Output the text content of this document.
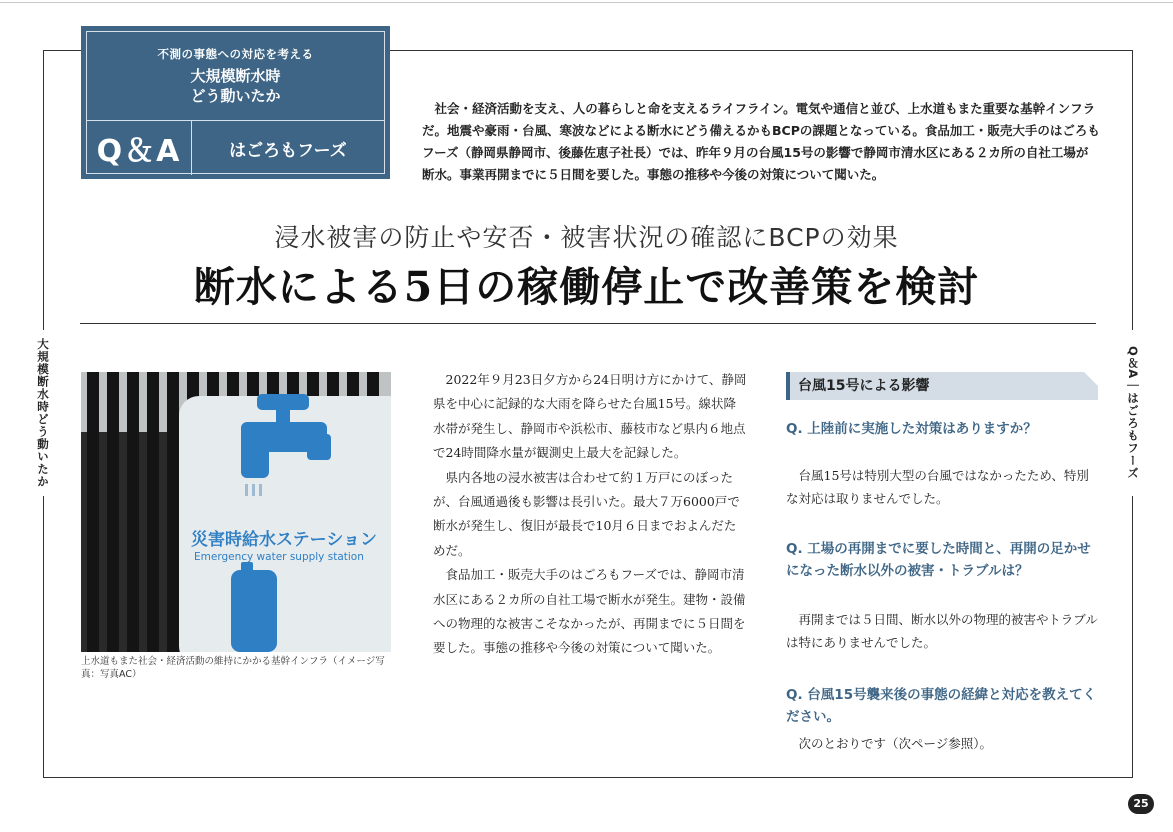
不測の事態への対応を考える
大規模断水時
どう動いたか
Q＆A	はごろもフーズ

社会・経済活動を支え、人の暮らしと命を支えるライフライン。電気や通信と並び、上水道もまた重要な基幹インフラだ。地震や豪雨・台風、寒波などによる断水にどう備えるかもBCPの課題となっている。食品加工・販売大手のはごろもフーズ（静岡県静岡市、後藤佐恵子社長）では、昨年９月の台風15号の影響で静岡市清水区にある２カ所の自社工場が断水。事業再開までに５日間を要した。事態の推移や今後の対策について聞いた。

浸水被害の防止や安否・被害状況の確認にBCPの効果
断水による5日の稼働停止で改善策を検討
大規模断水時どう動いたか	Q＆A｜はごろもフーズ
災害時給水ステーション
Emergency water supply station

上水道もまた社会・経済活動の維持にかかる基幹インフラ（イメージ写真：写真AC）

2022年９月23日夕方から24日明け方にかけて、静岡県を中心に記録的な大雨を降らせた台風15号。線状降水帯が発生し、静岡市や浜松市、藤枝市など県内６地点で24時間降水量が観測史上最大を記録した。

県内各地の浸水被害は合わせて約１万戸にのぼったが、台風通過後も影響は長引いた。最大７万6000戸で断水が発生し、復旧が最長で10月６日までおよんだためだ。

食品加工・販売大手のはごろもフーズでは、静岡市清水区にある２カ所の自社工場で断水が発生。建物・設備への物理的な被害こそなかったが、再開までに５日間を要した。事態の推移や今後の対策について聞いた。

台風15号による影響

Q. 上陸前に実施した対策はありますか？

台風15号は特別大型の台風ではなかったため、特別な対応は取りませんでした。

Q. 工場の再開までに要した時間と、再開の足かせになった断水以外の被害・トラブルは？

再開までは５日間、断水以外の物理的被害やトラブルは特にありませんでした。

Q. 台風15号襲来後の事態の経緯と対応を教えてください。

次のとおりです（次ページ参照）。

25
